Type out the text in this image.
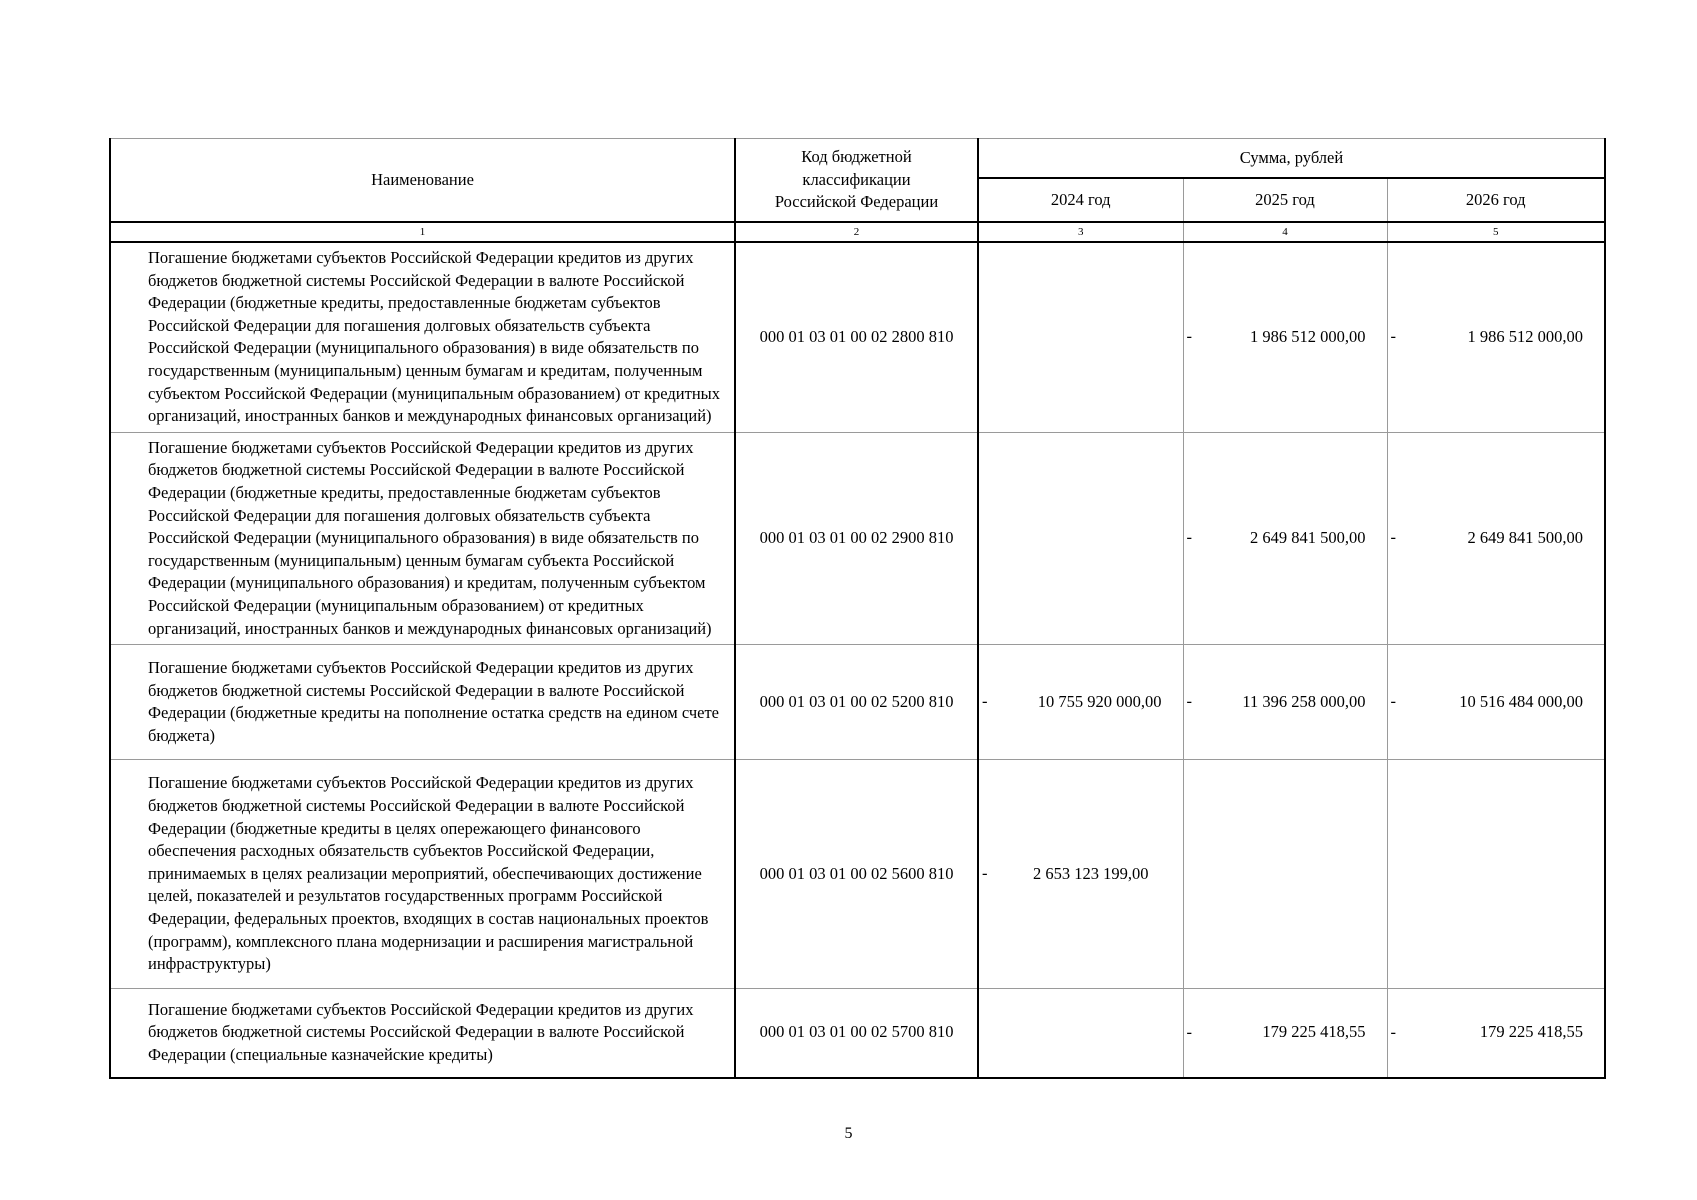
Наименование	Код бюджетной классификации Российской Федерации	Сумма, рублей		
		2024 год	2025 год	2026 год
1	2	3	4	5

Погашение бюджетами субъектов Российской Федерации кредитов из других бюджетов бюджетной системы Российской Федерации в валюте Российской Федерации (бюджетные кредиты, предоставленные бюджетам субъектов Российской Федерации для погашения долговых обязательств субъекта Российской Федерации (муниципального образования) в виде обязательств по государственным (муниципальным) ценным бумагам и кредитам, полученным субъектом Российской Федерации (муниципальным образованием) от кредитных организаций, иностранных банков и международных финансовых организаций)	000 01 03 01 00 02 2800 810		- 1 986 512 000,00	- 1 986 512 000,00

Погашение бюджетами субъектов Российской Федерации кредитов из других бюджетов бюджетной системы Российской Федерации в валюте Российской Федерации (бюджетные кредиты, предоставленные бюджетам субъектов Российской Федерации для погашения долговых обязательств субъекта Российской Федерации (муниципального образования) в виде обязательств по государственным (муниципальным) ценным бумагам субъекта Российской Федерации (муниципального образования) и кредитам, полученным субъектом Российской Федерации (муниципальным образованием) от кредитных организаций, иностранных банков и международных финансовых организаций)	000 01 03 01 00 02 2900 810		- 2 649 841 500,00	- 2 649 841 500,00

Погашение бюджетами субъектов Российской Федерации кредитов из других бюджетов бюджетной системы Российской Федерации в валюте Российской Федерации (бюджетные кредиты на пополнение остатка средств на едином счете бюджета)	000 01 03 01 00 02 5200 810	- 10 755 920 000,00	- 11 396 258 000,00	- 10 516 484 000,00

Погашение бюджетами субъектов Российской Федерации кредитов из других бюджетов бюджетной системы Российской Федерации в валюте Российской Федерации (бюджетные кредиты в целях опережающего финансового обеспечения расходных обязательств субъектов Российской Федерации, принимаемых в целях реализации мероприятий, обеспечивающих достижение целей, показателей и результатов государственных программ Российской Федерации, федеральных проектов, входящих в состав национальных проектов (программ), комплексного плана модернизации и расширения магистральной инфраструктуры)	000 01 03 01 00 02 5600 810	- 2 653 123 199,00		

Погашение бюджетами субъектов Российской Федерации кредитов из других бюджетов бюджетной системы Российской Федерации в валюте Российской Федерации (специальные казначейские кредиты)	000 01 03 01 00 02 5700 810		- 179 225 418,55	- 179 225 418,55
5
